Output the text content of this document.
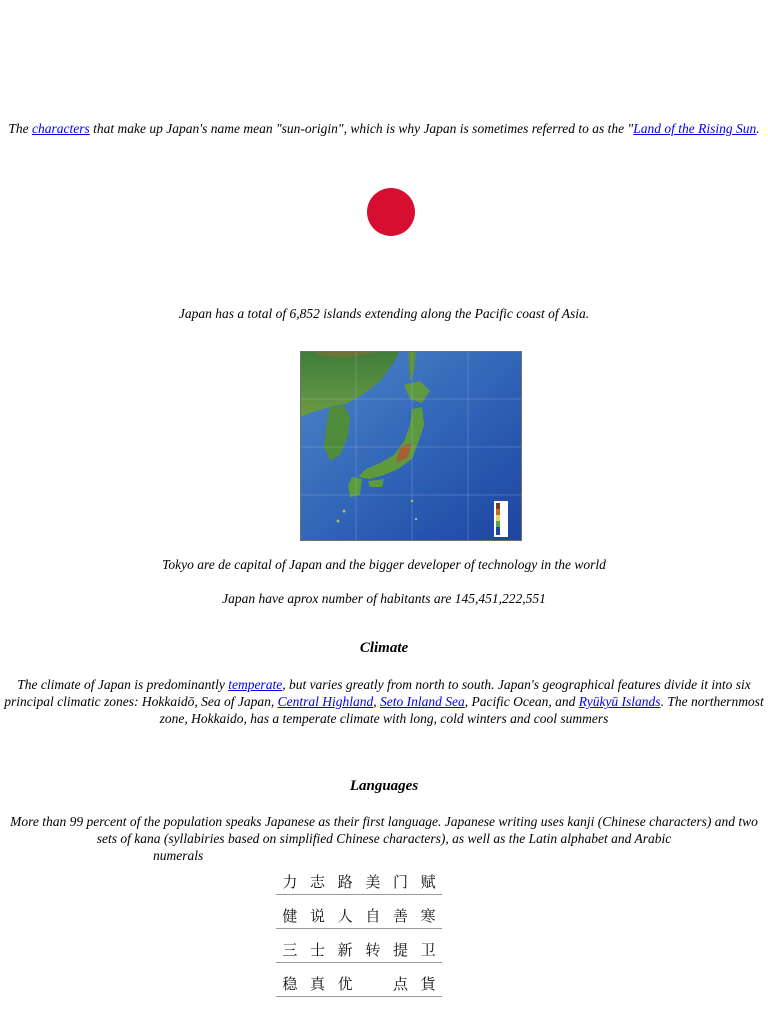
The characters that make up Japan's name mean "sun-origin", which is why Japan is sometimes referred to as the "Land of the Rising Sun.

Japan has a total of 6,852 islands extending along the Pacific coast of Asia.

Tokyo are de capital of Japan and the bigger developer of technology in the world

Japan have aprox number of habitants are 145,451,222,551

Climate

The climate of Japan is predominantly temperate, but varies greatly from north to south. Japan's geographical features divide it into six principal climatic zones: Hokkaidō, Sea of Japan, Central Highland, Seto Inland Sea, Pacific Ocean, and Ryūkyū Islands. The northernmost zone, Hokkaido, has a temperate climate with long, cold winters and cool summers

Languages

More than 99 percent of the population speaks Japanese as their first language. Japanese writing uses kanji (Chinese characters) and two sets of kana (syllabiries based on simplified Chinese characters), as well as the Latin alphabet and Arabic
numerals

力 志 路 美 门 赋
健 说 人 自 善 寒
三 士 新 转 提 卫
稳 真 优	点 貨
